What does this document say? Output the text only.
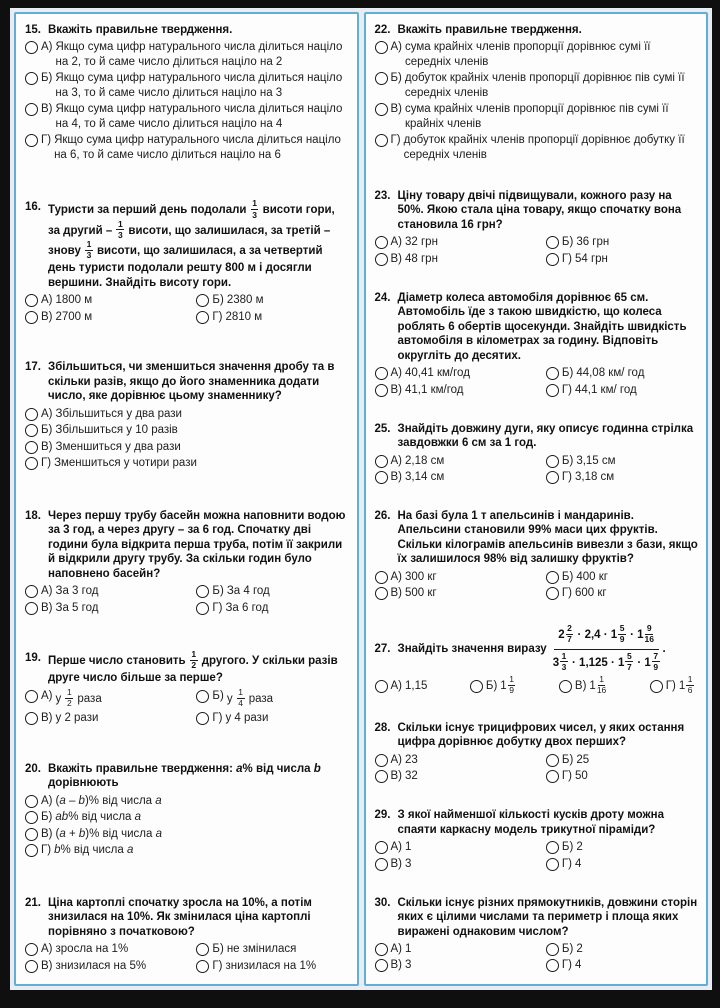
15. Вкажіть правильне твердження.
А) Якщо сума цифр натурального числа ділиться націло на 2, то й саме число ділиться націло на 2
Б) Якщо сума цифр натурального числа ділиться націло на 3, то й саме число ділиться націло на 3
В) Якщо сума цифр натурального числа ділиться націло на 4, то й саме число ділиться націло на 4
Г) Якщо сума цифр натурального числа ділиться націло на 6, то й саме число ділиться націло на 6
16. Туристи за перший день подолали $\frac{1}{3}$ висоти гори, за другий – $\frac{1}{3}$ висоти, що залишилася, за третій – знову $\frac{1}{3}$ висоти, що залишилася, а за четвертий день туристи подолали решту 800 м і досягли вершини. Знайдіть висоту гори.
А) 1800 м	Б) 2380 м
В) 2700 м	Г) 2810 м
17. Збільшиться, чи зменшиться значення дробу та в скільки разів, якщо до його знаменника додати число, яке дорівнює цьому знаменнику?
А) Збільшиться у два рази
Б) Збільшиться у 10 разів
В) Зменшиться у два рази
Г) Зменшиться у чотири рази
18. Через першу трубу басейн можна наповнити водою за 3 год, а через другу – за 6 год. Спочатку дві години була відкрита перша труба, потім її закрили й відкрили другу трубу. За скільки годин було наповнено басейн?
А) За 3 год	Б) За 4 год
В) За 5 год	Г) За 6 год
19. Перше число становить $\frac{1}{2}$ другого. У скільки разів друге число більше за перше?
А) у $\frac{1}{2}$ раза	Б) у $\frac{1}{4}$ раза
В) у 2 рази	Г) у 4 рази
20. Вкажіть правильне твердження: a% від числа b дорівнюють
А) (a – b)% від числа a
Б) ab% від числа a
В) (a + b)% від числа a
Г) b% від числа a
21. Ціна картоплі спочатку зросла на 10%, а потім знизилася на 10%. Як змінилася ціна картоплі порівняно з початковою?
А) зросла на 1%	Б) не змінилася
В) знизилася на 5%	Г) знизилася на 1%
22. Вкажіть правильне твердження.
А) сума крайніх членів пропорції дорівнює сумі її середніх членів
Б) добуток крайніх членів пропорції дорівнює пів сумі її середніх членів
В) сума крайніх членів пропорції дорівнює пів сумі її крайніх членів
Г) добуток крайніх членів пропорції дорівнює добутку її середніх членів
23. Ціну товару двічі підвищували, кожного разу на 50%. Якою стала ціна товару, якщо спочатку вона становила 16 грн?
А) 32 грн	Б) 36 грн
В) 48 грн	Г) 54 грн
24. Діаметр колеса автомобіля дорівнює 65 см. Автомобіль їде з такою швидкістю, що колеса роблять 6 обертів щосекунди. Знайдіть швидкість автомобіля в кілометрах за годину. Відповіть округліть до десятих.
А) 40,41 км/год	Б) 44,08 км/ год
В) 41,1 км/год	Г) 44,1 км/ год
25. Знайдіть довжину дуги, яку описує годинна стрілка завдовжки 6 см за 1 год.
А) 2,18 см	Б) 3,15 см
В) 3,14 см	Г) 3,18 см
26. На базі була 1 т апельсинів і мандаринів. Апельсини становили 99% маси цих фруктів. Скільки кілограмів апельсинів вивезли з бази, якщо їх залишилося 98% від залишку фруктів?
А) 300 кг	Б) 400 кг
В) 500 кг	Г) 600 кг
27. Знайдіть значення виразу $\frac{2 \frac{2}{7} \cdot 2,4 \cdot 1 \frac{5}{9} \cdot 1 \frac{9}{16}}{3 \frac{1}{3} \cdot 1,125 \cdot 1 \frac{5}{7} \cdot 1 \frac{7}{9}}$ .
А) 1,15	Б) $1 \frac{1}{9}$	В) $1 \frac{1}{16}$	Г) $1 \frac{1}{6}$
28. Скільки існує трицифрових чисел, у яких остання цифра дорівнює добутку двох перших?
А) 23	Б) 25
В) 32	Г) 50
29. З якої найменшої кількості кусків дроту можна спаяти каркасну модель трикутної піраміди?
А) 1	Б) 2
В) 3	Г) 4
30. Скільки існує різних прямокутників, довжини сторін яких є цілими числами та периметр і площа яких виражені однаковим числом?
А) 1	Б) 2
В) 3	Г) 4
